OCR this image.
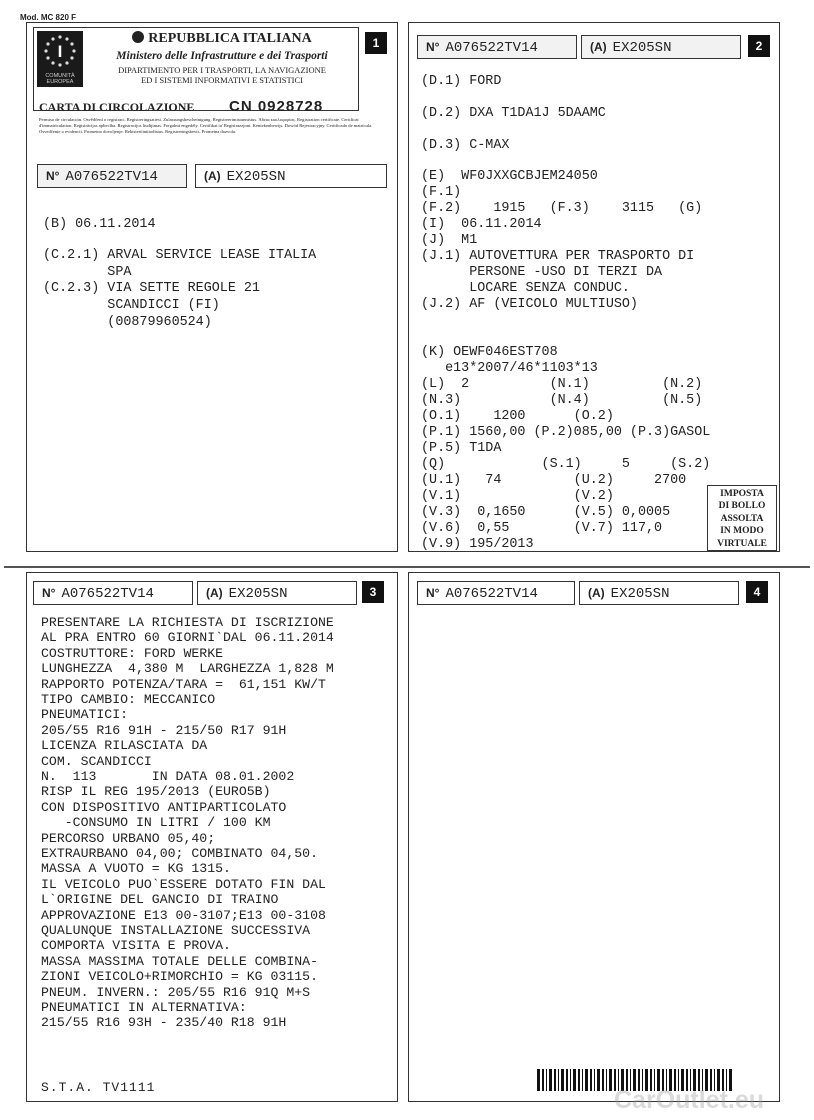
Mod. MC 820 F
1
I
COMUNITÀ EUROPEA
REPUBBLICA ITALIANA
Ministero delle Infrastrutture e dei Trasporti
DIPARTIMENTO PER I TRASPORTI, LA NAVIGAZIONE
ED I SISTEMI INFORMATIVI E STATISTICI
CARTA DI CIRCOLAZIONE CN 0928728
Permiso de circulación. Osvědčení o registraci. Registreringsattest. Zulassungsbescheinigung. Registreerimistunnistus. Άδεια κυκλοφορίας. Registration certificate. Certificat d'immatriculation. Reģistrācijas apliecība. Registracijos liudijimas. Forgalmi engedély. Certifikat ta' Registrazzjoni. Kentekenbewijs. Dowód Rejestracyjny. Certificado de matrícula. Osvedčenie o evidencii. Prometno dovoljenje. Rekisteröintitodistus. Registreringsbevis. Prometna dozvola.
N° A076522TV14	(A) EX205SN
(B) 06.11.2014
(C.2.1) ARVAL SERVICE LEASE ITALIA
SPA
(C.2.3) VIA SETTE REGOLE 21
SCANDICCI (FI)
(00879960524)
2
N° A076522TV14	(A) EX205SN
(D.1) FORD
(D.2) DXA T1DA1J 5DAAMC
(D.3) C-MAX
(E)  WF0JXXGCBJEM24050
(F.1)
(F.2)    1915   (F.3)    3115   (G)
(I)  06.11.2014
(J)  M1
(J.1) AUTOVETTURA PER TRASPORTO DI
PERSONE -USO DI TERZI DA
LOCARE SENZA CONDUC.
(J.2) AF (VEICOLO MULTIUSO)
(K) OEWF046EST708
e13*2007/46*1103*13
(L)  2          (N.1)         (N.2)
(N.3)           (N.4)         (N.5)
(O.1)    1200      (O.2)
(P.1) 1560,00 (P.2)085,00 (P.3)GASOL
(P.5) T1DA
(Q)            (S.1)     5     (S.2)
(U.1)   74         (U.2)     2700
(V.1)              (V.2)
(V.3)  0,1650      (V.5) 0,0005
(V.6)  0,55        (V.7) 117,0
(V.9) 195/2013
IMPOSTA
DI BOLLO
ASSOLTA
IN MODO
VIRTUALE
3
N° A076522TV14	(A) EX205SN
PRESENTARE LA RICHIESTA DI ISCRIZIONE
AL PRA ENTRO 60 GIORNI`DAL 06.11.2014
COSTRUTTORE: FORD WERKE
LUNGHEZZA  4,380 M  LARGHEZZA 1,828 M
RAPPORTO POTENZA/TARA =  61,151 KW/T
TIPO CAMBIO: MECCANICO
PNEUMATICI:
205/55 R16 91H - 215/50 R17 91H
LICENZA RILASCIATA DA
COM. SCANDICCI
N.  113       IN DATA 08.01.2002
RISP IL REG 195/2013 (EURO5B)
CON DISPOSITIVO ANTIPARTICOLATO
-CONSUMO IN LITRI / 100 KM
PERCORSO URBANO 05,40;
EXTRAURBANO 04,00; COMBINATO 04,50.
MASSA A VUOTO = KG 1315.
IL VEICOLO PUO`ESSERE DOTATO FIN DAL
L`ORIGINE DEL GANCIO DI TRAINO
APPROVAZIONE E13 00-3107;E13 00-3108
QUALUNQUE INSTALLAZIONE SUCCESSIVA
COMPORTA VISITA E PROVA.
MASSA MASSIMA TOTALE DELLE COMBINA-
ZIONI VEICOLO+RIMORCHIO = KG 03115.
PNEUM. INVERN.: 205/55 R16 91Q M+S
PNEUMATICI IN ALTERNATIVA:
215/55 R16 93H - 235/40 R18 91H
S.T.A. TV1111
4
N° A076522TV14	(A) EX205SN
CarOutlet.eu
